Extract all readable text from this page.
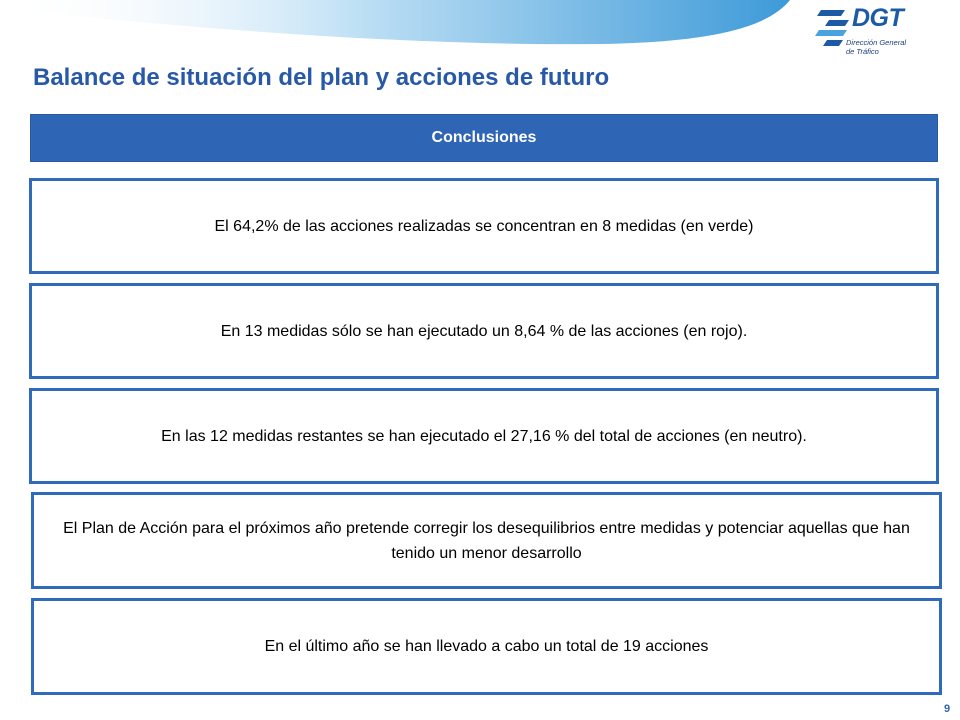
DGT
Dirección General
de Tráfico
Balance de situación del plan y acciones de futuro
Conclusiones
El 64,2% de las acciones realizadas se concentran en 8 medidas (en verde)
En 13 medidas sólo se han ejecutado un 8,64 % de las acciones (en rojo).
En las 12 medidas restantes se han ejecutado el 27,16 % del total de acciones (en neutro).
El Plan de Acción para el próximos año pretende corregir los desequilibrios entre medidas y potenciar aquellas que han tenido un menor desarrollo
En el último año se han llevado a cabo un total de 19 acciones
9
